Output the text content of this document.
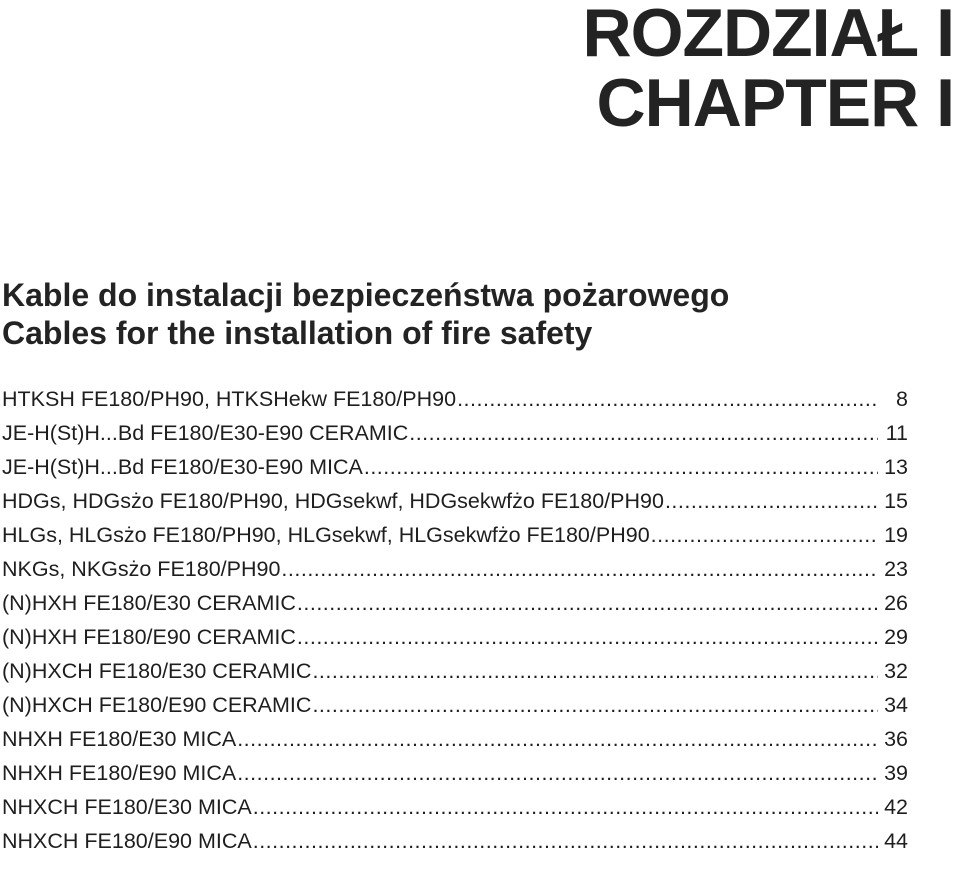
ROZDZIAŁ I
CHAPTER I
Kable do instalacji bezpieczeństwa pożarowego
Cables for the installation of fire safety
HTKSH FE180/PH90, HTKSHekw FE180/PH90 .....	8
JE-H(St)H...Bd FE180/E30-E90 CERAMIC .....	11
JE-H(St)H...Bd FE180/E30-E90 MICA .....	13
HDGs, HDGsżo FE180/PH90, HDGsekwf, HDGsekwfżo FE180/PH90 .....	15
HLGs, HLGsżo FE180/PH90, HLGsekwf, HLGsekwfżo FE180/PH90 .....	19
NKGs, NKGsżo FE180/PH90 .....	23
(N)HXH FE180/E30 CERAMIC .....	26
(N)HXH FE180/E90 CERAMIC .....	29
(N)HXCH FE180/E30 CERAMIC .....	32
(N)HXCH FE180/E90 CERAMIC .....	34
NHXH FE180/E30 MICA .....	36
NHXH FE180/E90 MICA .....	39
NHXCH FE180/E30 MICA .....	42
NHXCH FE180/E90 MICA .....	44
